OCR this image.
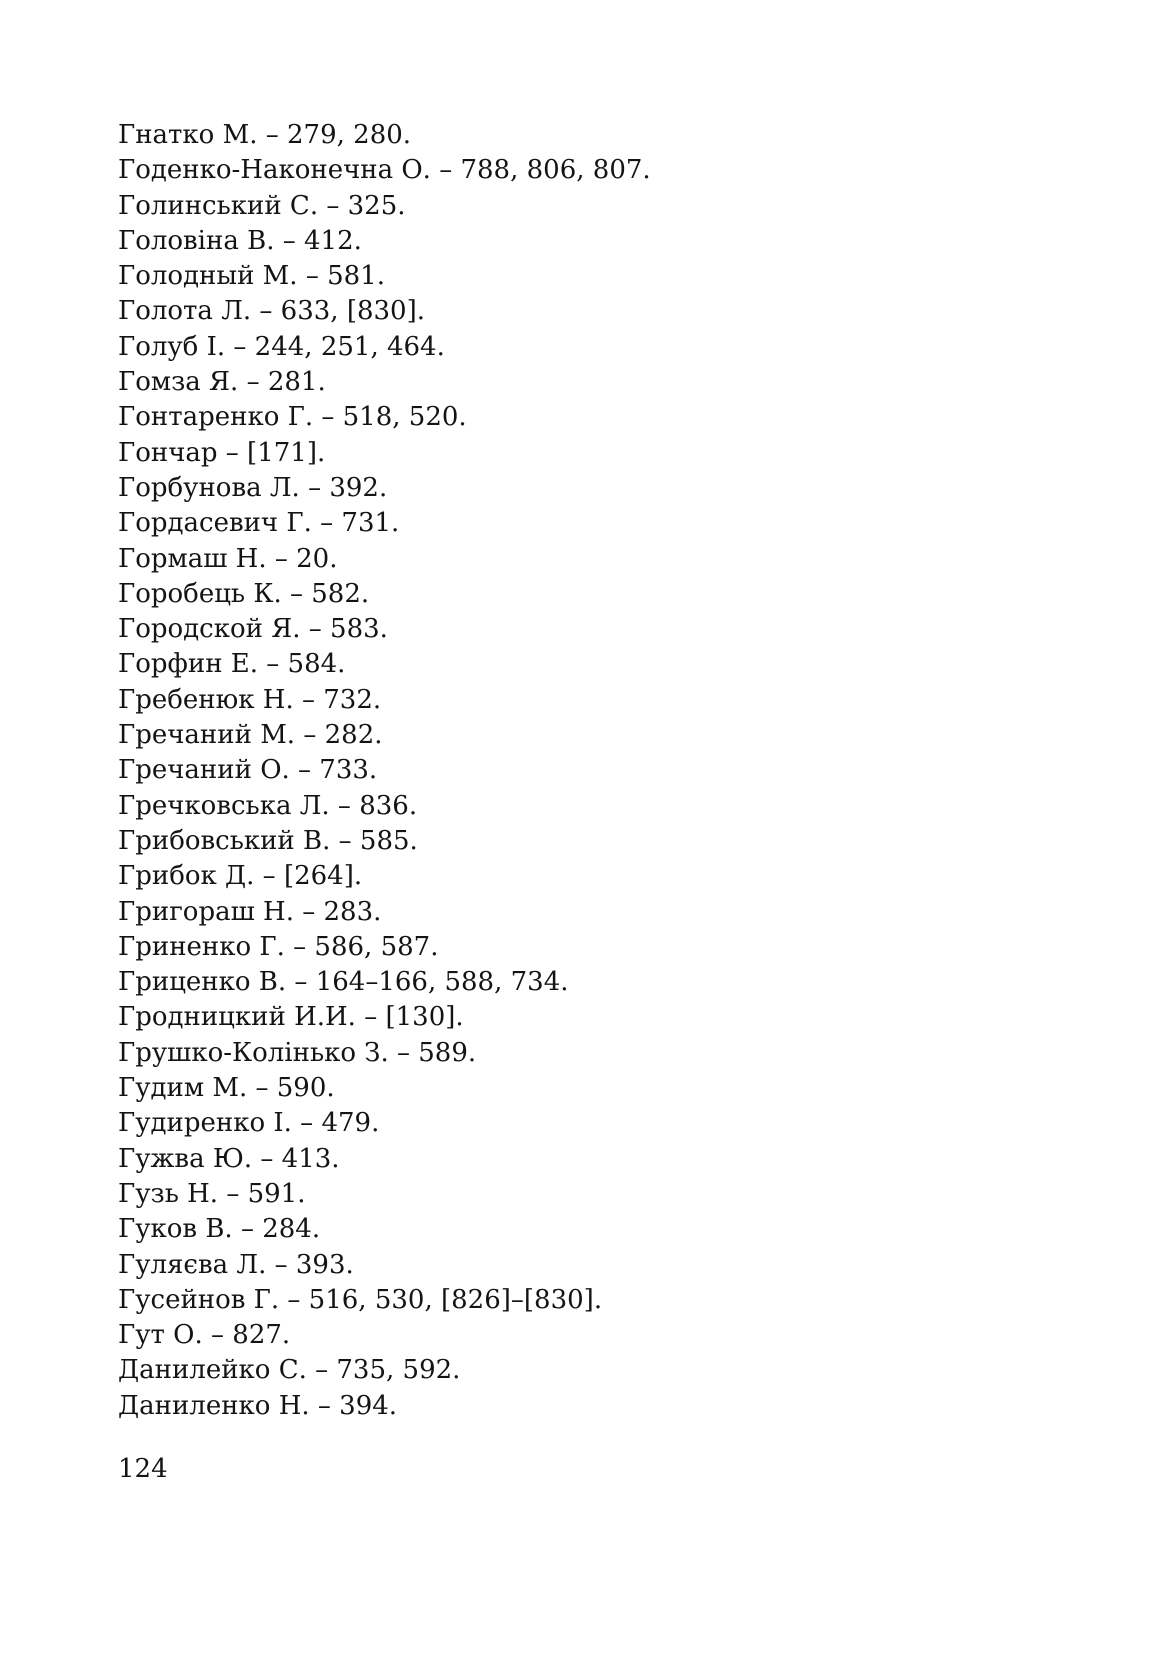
Гнатко М. – 279, 280.
Годенко-Наконечна О. – 788, 806, 807.
Голинський С. – 325.
Головіна В. – 412.
Голодный М. – 581.
Голота Л. – 633, [830].
Голуб І. – 244, 251, 464.
Гомза Я. – 281.
Гонтаренко Г. – 518, 520.
Гончар – [171].
Горбунова Л. – 392.
Гордасевич Г. – 731.
Гормаш Н. – 20.
Горобець К. – 582.
Городской Я. – 583.
Горфин Е. – 584.
Гребенюк Н. – 732.
Гречаний М. – 282.
Гречаний О. – 733.
Гречковська Л. – 836.
Грибовський В. – 585.
Грибок Д. – [264].
Григораш Н. – 283.
Гриненко Г. – 586, 587.
Гриценко В. – 164–166, 588, 734.
Гродницкий И.И. – [130].
Грушко-Колінько З. – 589.
Гудим М. – 590.
Гудиренко І. – 479.
Гужва Ю. – 413.
Гузь Н. – 591.
Гуков В. – 284.
Гуляєва Л. – 393.
Гусейнов Г. – 516, 530, [826]–[830].
Гут О. – 827.
Данилейко С. – 735, 592.
Даниленко Н. – 394.
124
